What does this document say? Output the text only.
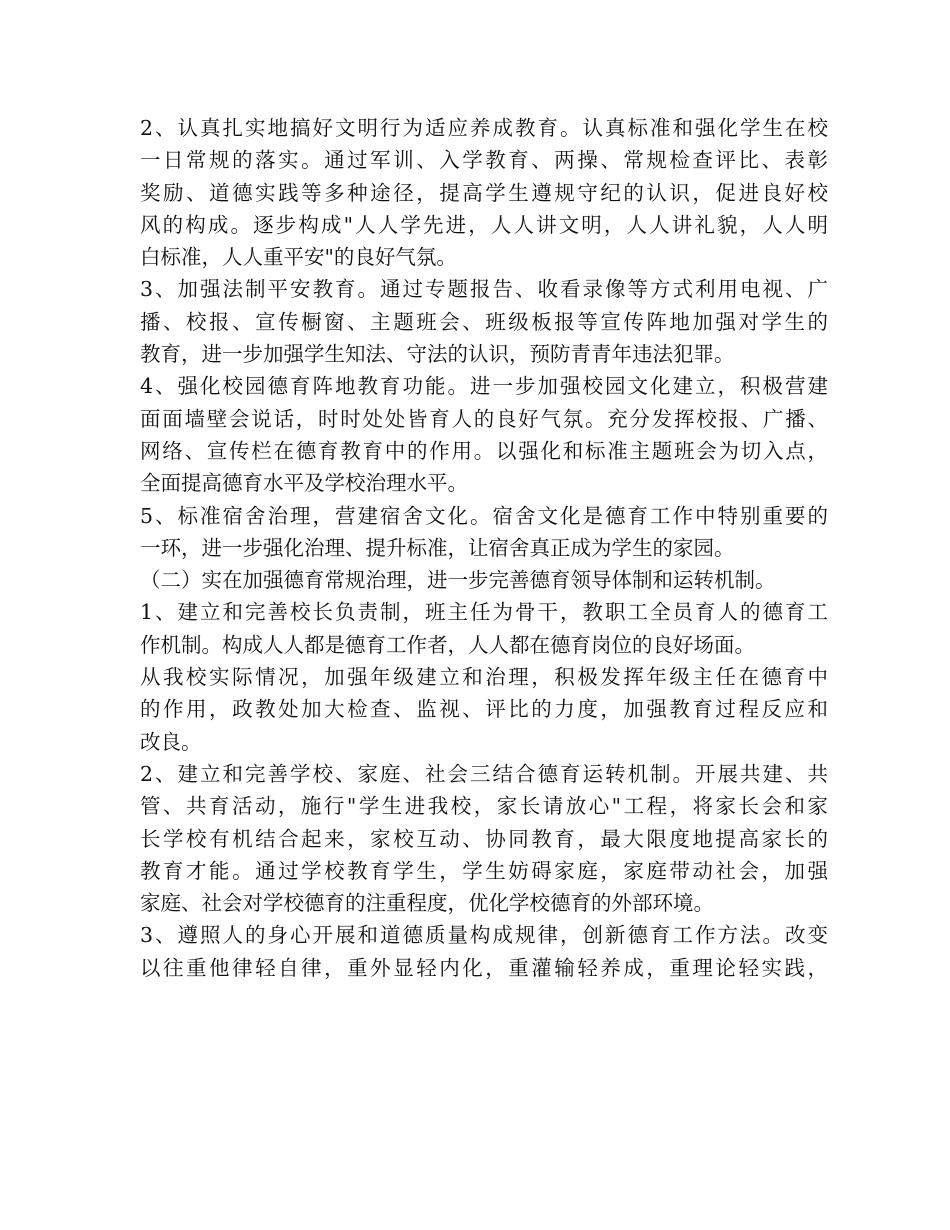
2、认真扎实地搞好文明行为适应养成教育。认真标准和强化学生在校
一日常规的落实。通过军训、入学教育、两操、常规检查评比、表彰
奖励、道德实践等多种途径，提高学生遵规守纪的认识，促进良好校
风的构成。逐步构成"人人学先进，人人讲文明，人人讲礼貌，人人明
白标准，人人重平安"的良好气氛。
3、加强法制平安教育。通过专题报告、收看录像等方式利用电视、广
播、校报、宣传橱窗、主题班会、班级板报等宣传阵地加强对学生的
教育，进一步加强学生知法、守法的认识，预防青青年违法犯罪。
4、强化校园德育阵地教育功能。进一步加强校园文化建立，积极营建
面面墙壁会说话，时时处处皆育人的良好气氛。充分发挥校报、广播、
网络、宣传栏在德育教育中的作用。以强化和标准主题班会为切入点，
全面提高德育水平及学校治理水平。
5、标准宿舍治理，营建宿舍文化。宿舍文化是德育工作中特别重要的
一环，进一步强化治理、提升标准，让宿舍真正成为学生的家园。
（二）实在加强德育常规治理，进一步完善德育领导体制和运转机制。
1、建立和完善校长负责制，班主任为骨干，教职工全员育人的德育工
作机制。构成人人都是德育工作者，人人都在德育岗位的良好场面。
从我校实际情况，加强年级建立和治理，积极发挥年级主任在德育中
的作用，政教处加大检查、监视、评比的力度，加强教育过程反应和
改良。
2、建立和完善学校、家庭、社会三结合德育运转机制。开展共建、共
管、共育活动，施行"学生进我校，家长请放心"工程，将家长会和家
长学校有机结合起来，家校互动、协同教育，最大限度地提高家长的
教育才能。通过学校教育学生，学生妨碍家庭，家庭带动社会，加强
家庭、社会对学校德育的注重程度，优化学校德育的外部环境。
3、遵照人的身心开展和道德质量构成规律，创新德育工作方法。改变
以往重他律轻自律，重外显轻内化，重灌输轻养成，重理论轻实践，
